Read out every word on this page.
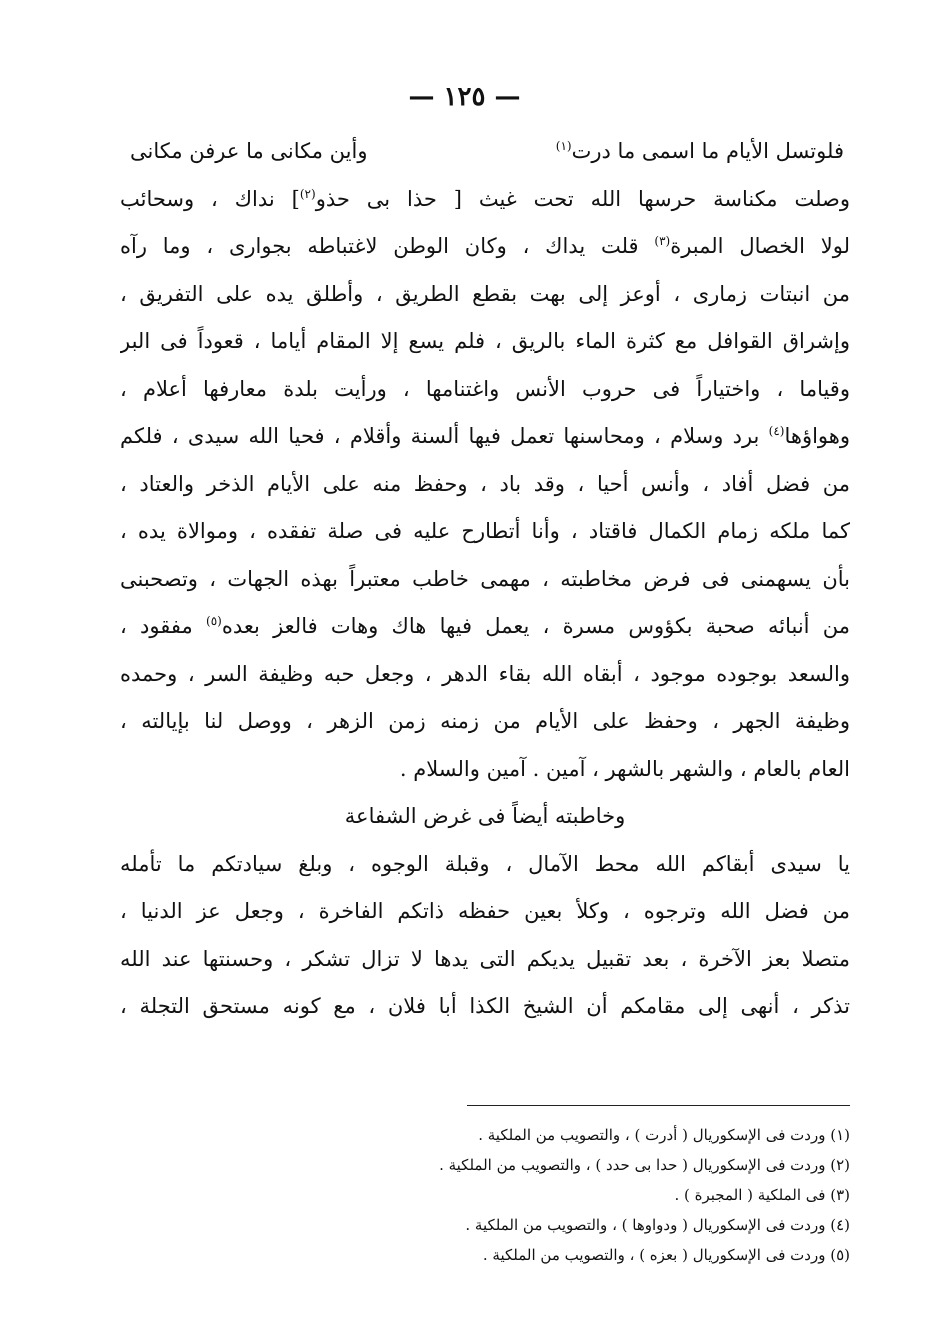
— ١٢٥ —
فلوتسل الأيام ما اسمى ما درت$^{(١)}$
وأين مكانى ما عرفن مكانى
وصلت مكناسة حرسها الله تحت غيث [ حذا بى حذو$^{(٢)}$] نداك ، وسحائب
لولا الخصال المبرة$^{(٣)}$ قلت يداك ، وكان الوطن لاغتباطه بجوارى ، وما رآه
من انبتات زمارى ، أوعز إلى بهت بقطع الطريق ، وأطلق يده على التفريق ،
وإشراق القوافل مع كثرة الماء بالريق ، فلم يسع إلا المقام أياما ، قعوداً فى البر
وقياما ، واختياراً فى حروب الأنس واغتنامها ، ورأيت بلدة معارفها أعلام ،
وهواؤها$^{(٤)}$ برد وسلام ، ومحاسنها تعمل فيها ألسنة وأقلام ، فحيا الله سيدى ، فلكم
من فضل أفاد ، وأنس أحيا ، وقد باد ، وحفظ منه على الأيام الذخر والعتاد ،
كما ملكه زمام الكمال فاقتاد ، وأنا أتطارح عليه فى صلة تفقده ، وموالاة يده ،
بأن يسهمنى فى فرض مخاطبته ، مهمى خاطب معتبراً بهذه الجهات ، وتصحبنى
من أنبائه صحبة بكؤوس مسرة ، يعمل فيها هاك وهات فالعز بعده$^{(٥)}$ مفقود ،
والسعد بوجوده موجود ، أبقاه الله بقاء الدهر ، وجعل حبه وظيفة السر ، وحمده
وظيفة الجهر ، وحفظ على الأيام من زمنه زمن الزهر ، ووصل لنا بإيالته ،
العام بالعام ، والشهر بالشهر ، آمين . آمين والسلام .
وخاطبته أيضاً فى غرض الشفاعة
يا سيدى أبقاكم الله محط الآمال ، وقبلة الوجوه ، وبلغ سيادتكم ما تأمله
من فضل الله وترجوه ، وكلأ بعين حفظه ذاتكم الفاخرة ، وجعل عز الدنيا ،
متصلا بعز الآخرة ، بعد تقبيل يديكم التى يدها لا تزال تشكر ، وحسنتها عند الله
تذكر ، أنهى إلى مقامكم أن الشيخ الكذا أبا فلان ، مع كونه مستحق التجلة ،
(١) وردت فى الإسكوريال ( أدرت ) ، والتصويب من الملكية .
(٢) وردت فى الإسكوريال ( حدا بى حدد ) ، والتصويب من الملكية .
(٣) فى الملكية ( المجبرة ) .
(٤) وردت فى الإسكوريال ( ودواوها ) ، والتصويب من الملكية .
(٥) وردت فى الإسكوريال ( بعزه ) ، والتصويب من الملكية .
